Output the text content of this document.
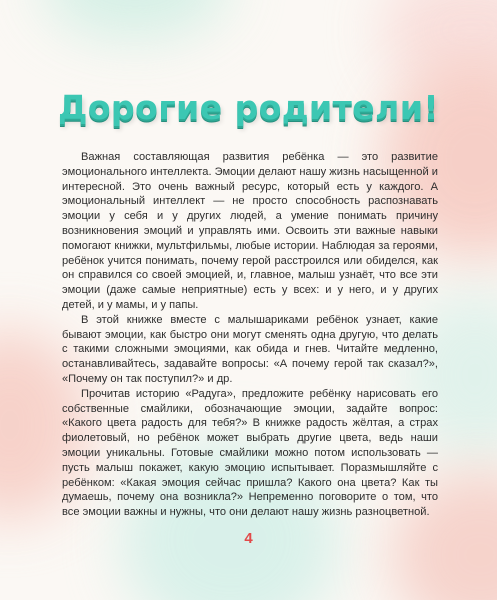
Дорогие родители!

Важная составляющая развития ребёнка — это развитие эмоционального интеллекта. Эмоции делают нашу жизнь насыщенной и интересной. Это очень важный ресурс, который есть у каждого. А эмоциональный интеллект — не просто способность распознавать эмоции у себя и у других людей, а умение понимать причину возникновения эмоций и управлять ими. Освоить эти важные навыки помогают книжки, мультфильмы, любые истории. Наблюдая за героями, ребёнок учится понимать, почему герой расстроился или обиделся, как он справился со своей эмоцией, и, главное, малыш узнаёт, что все эти эмоции (даже самые неприятные) есть у всех: и у него, и у других детей, и у мамы, и у папы.

В этой книжке вместе с малышариками ребёнок узнает, какие бывают эмоции, как быстро они могут сменять одна другую, что делать с такими сложными эмоциями, как обида и гнев. Читайте медленно, останавливайтесь, задавайте вопросы: «А почему герой так сказал?», «Почему он так поступил?» и др.

Прочитав историю «Радуга», предложите ребёнку нарисовать его собственные смайлики, обозначающие эмоции, задайте вопрос: «Какого цвета радость для тебя?» В книжке радость жёлтая, а страх фиолетовый, но ребёнок может выбрать другие цвета, ведь наши эмоции уникальны. Готовые смайлики можно потом использовать — пусть малыш покажет, какую эмоцию испытывает. Поразмышляйте с ребёнком: «Какая эмоция сейчас пришла? Какого она цвета? Как ты думаешь, почему она возникла?» Непременно поговорите о том, что все эмоции важны и нужны, что они делают нашу жизнь разноцветной.

4
